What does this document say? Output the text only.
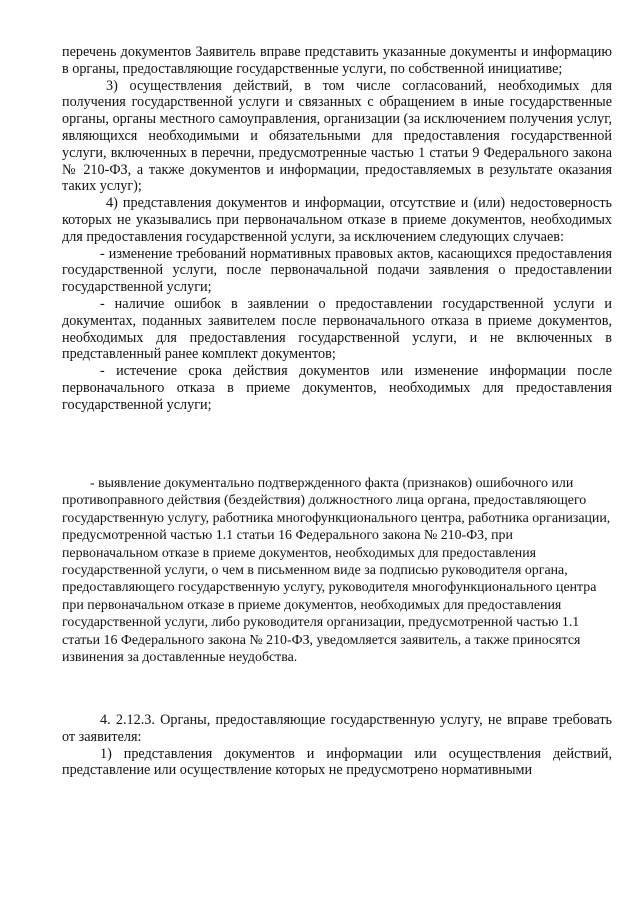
перечень документов Заявитель вправе представить указанные документы и информацию в органы, предоставляющие государственные услуги, по собственной инициативе;

3) осуществления действий, в том числе согласований, необходимых для получения государственной услуги и связанных с обращением в иные государственные органы, органы местного самоуправления, организации (за исключением получения услуг, являющихся необходимыми и обязательными для предоставления государственной услуги, включенных в перечни, предусмотренные частью 1 статьи 9 Федерального закона № 210-ФЗ, а также документов и информации, предоставляемых в результате оказания таких услуг);

4) представления документов и информации, отсутствие и (или) недостоверность которых не указывались при первоначальном отказе в приеме документов, необходимых для предоставления государственной услуги, за исключением следующих случаев:

- изменение требований нормативных правовых актов, касающихся предоставления государственной услуги, после первоначальной подачи заявления о предоставлении государственной услуги;

- наличие ошибок в заявлении о предоставлении государственной услуги и документах, поданных заявителем после первоначального отказа в приеме документов, необходимых для предоставления государственной услуги, и не включенных в представленный ранее комплект документов;

- истечение срока действия документов или изменение информации после первоначального отказа в приеме документов, необходимых для предоставления государственной услуги;

- выявление документально подтвержденного факта (признаков) ошибочного или противоправного действия (бездействия) должностного лица органа, предоставляющего государственную услугу, работника многофункционального центра, работника организации, предусмотренной частью 1.1 статьи 16 Федерального закона № 210-ФЗ, при первоначальном отказе в приеме документов, необходимых для предоставления государственной услуги, о чем в письменном виде за подписью руководителя органа, предоставляющего государственную услугу, руководителя многофункционального центра при первоначальном отказе в приеме документов, необходимых для предоставления государственной услуги, либо руководителя организации, предусмотренной частью 1.1 статьи 16 Федерального закона № 210-ФЗ, уведомляется заявитель, а также приносятся извинения за доставленные неудобства.

4. 2.12.3. Органы, предоставляющие государственную услугу, не вправе требовать от заявителя:

1) представления документов и информации или осуществления действий, представление или осуществление которых не предусмотрено нормативными
